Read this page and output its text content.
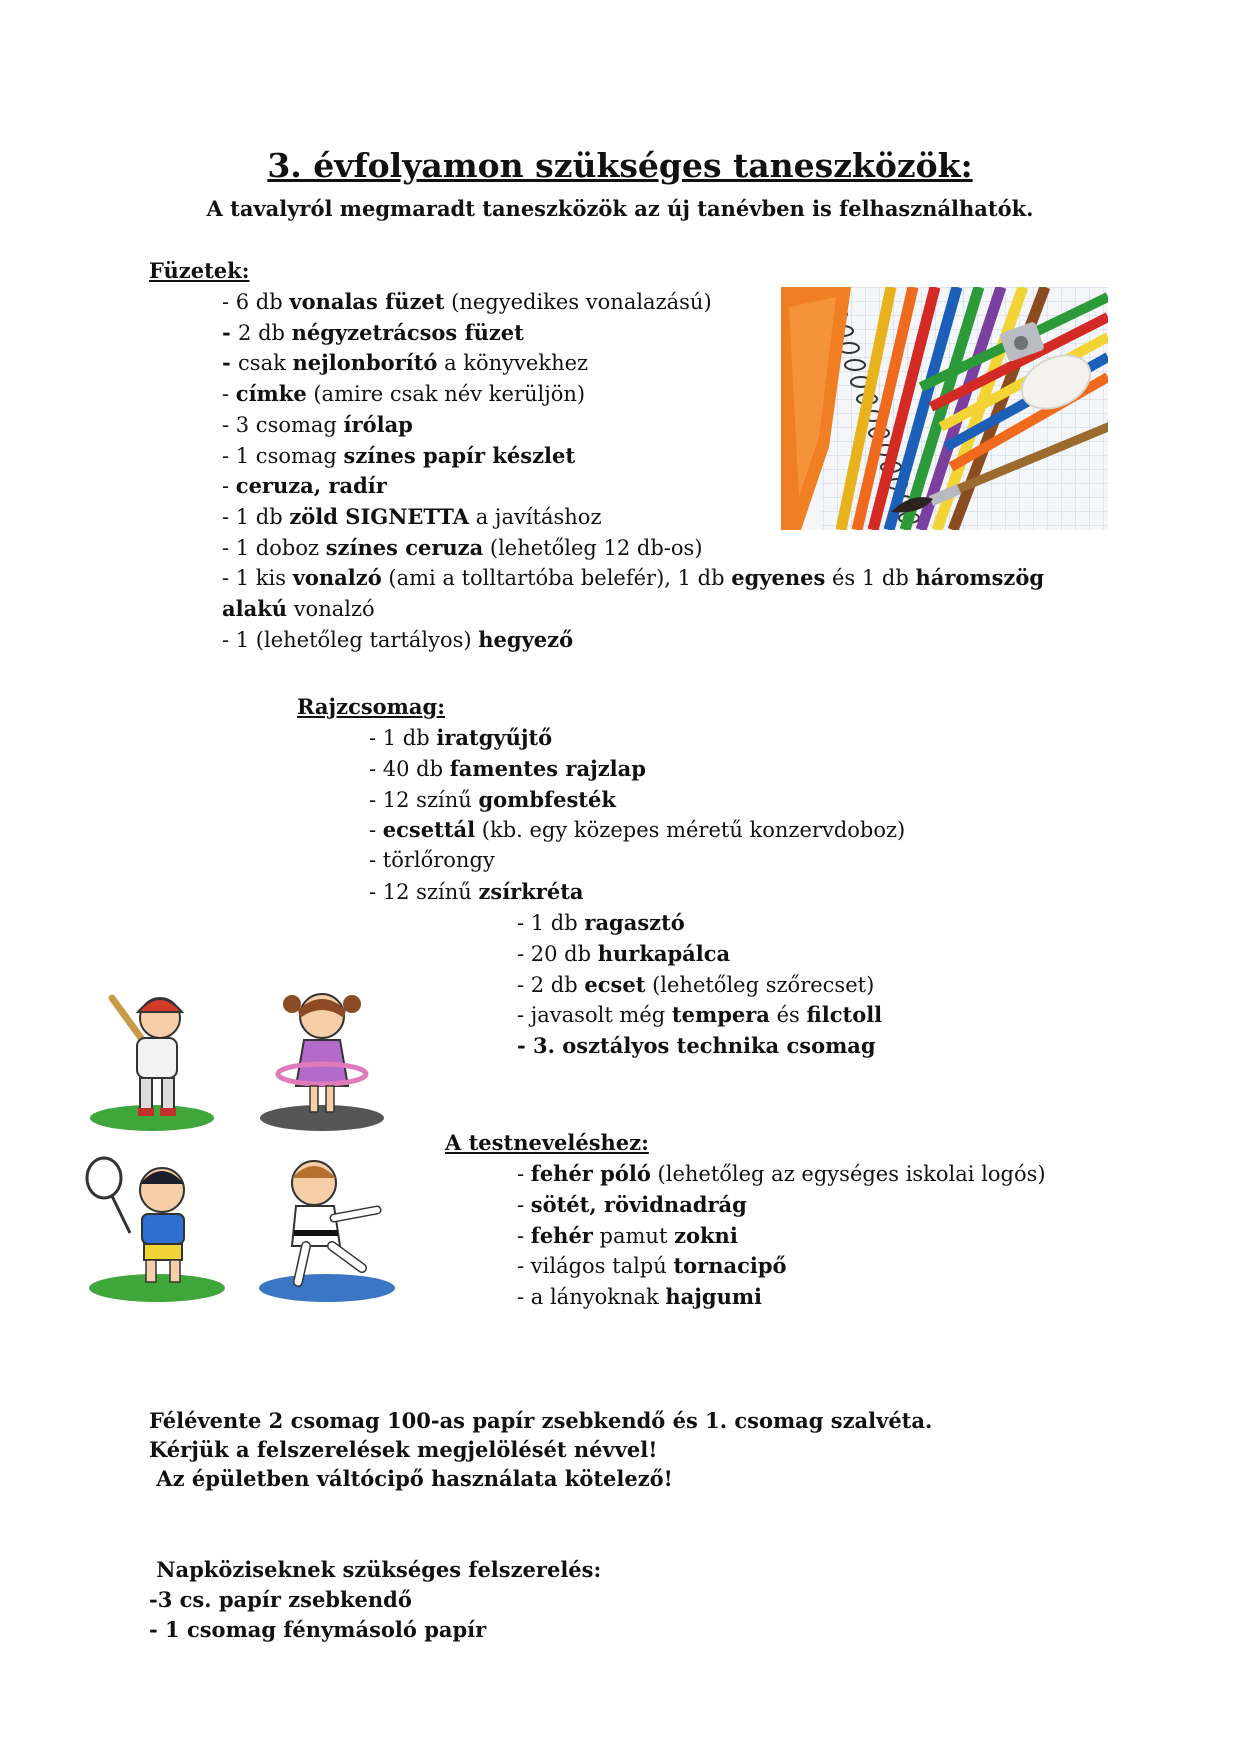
3. évfolyamon szükséges taneszközök:
A tavalyról megmaradt taneszközök az új tanévben is felhasználhatók.
Füzetek:
- 6 db vonalas füzet (negyedikes vonalazású)
- 2 db négyzetrácsos füzet
- csak nejlonborító a könyvekhez
- címke (amire csak név kerüljön)
- 3 csomag írólap
- 1 csomag színes papír készlet
- ceruza, radír
- 1 db zöld SIGNETTA a javításhoz
- 1 doboz színes ceruza (lehetőleg 12 db-os)
- 1 kis vonalzó (ami a tolltartóba belefér), 1 db egyenes és 1 db háromszög
alakú vonalzó
- 1 (lehetőleg tartályos) hegyező
Rajzcsomag:
- 1 db iratgyűjtő
- 40 db famentes rajzlap
- 12 színű gombfesték
- ecsettál (kb. egy közepes méretű konzervdoboz)
- törlőrongy
- 12 színű zsírkréta
- 1 db ragasztó
- 20 db hurkapálca
- 2 db ecset (lehetőleg szőrecset)
- javasolt még tempera és filctoll
- 3. osztályos technika csomag
A testneveléshez:
- fehér póló (lehetőleg az egységes iskolai logós)
- sötét, rövidnadrág
- fehér pamut zokni
- világos talpú tornacipő
- a lányoknak hajgumi
Félévente 2 csomag 100-as papír zsebkendő és 1. csomag szalvéta.
Kérjük a felszerelések megjelölését névvel!
Az épületben váltócipő használata kötelező!
Napköziseknek szükséges felszerelés:
-3 cs. papír zsebkendő
- 1 csomag fénymásoló papír
